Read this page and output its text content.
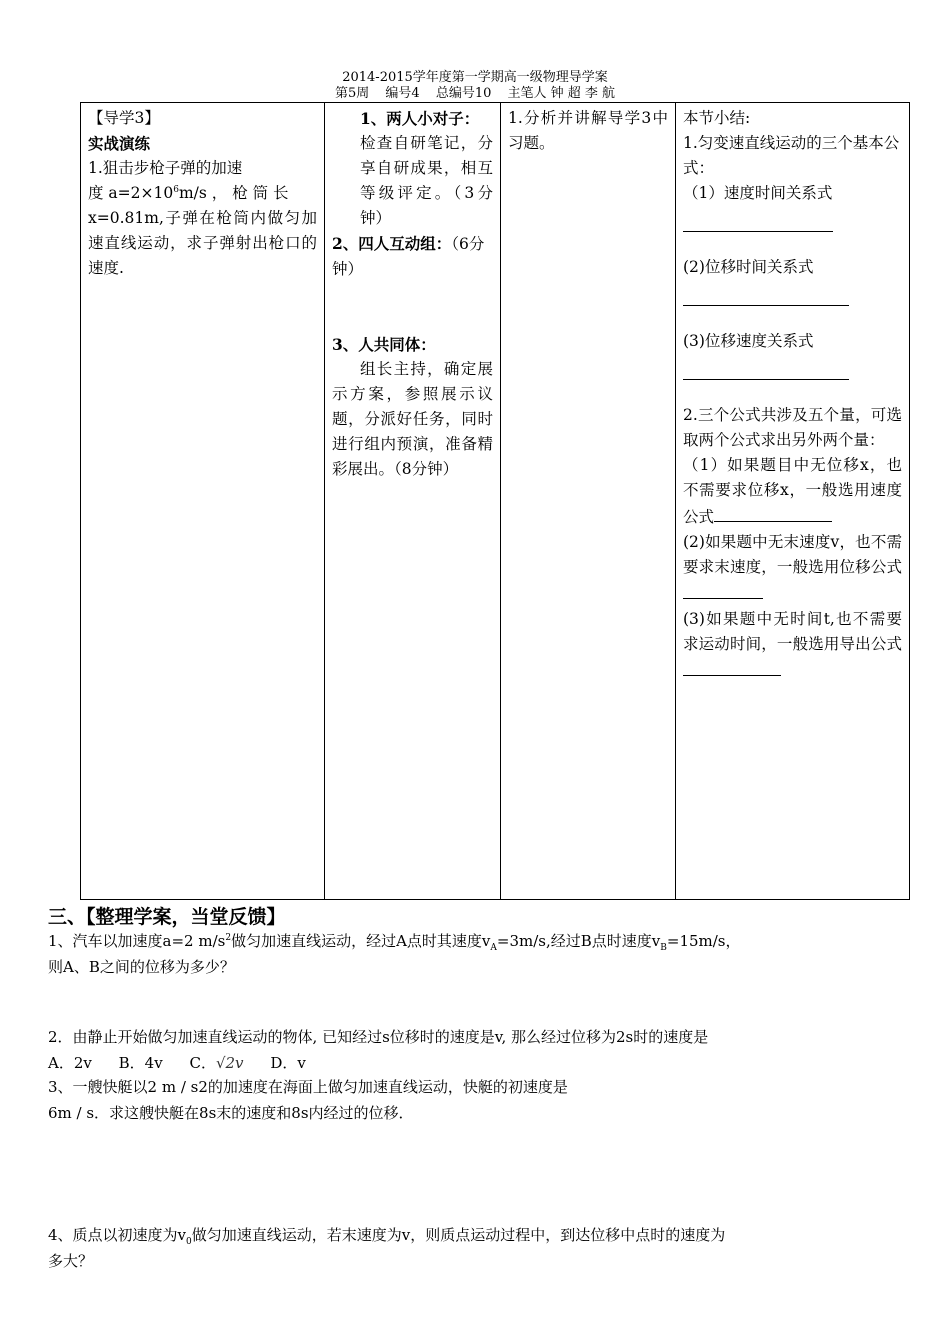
2014-2015学年度第一学期高一级物理导学案
第5周 编号4 总编号10 主笔人 钟 超 李 航
【导学3】
实战演练
1.狙击步枪子弹的加速
度 $a=2\times 10^6m/s$ ， 枪 筒 长
x=0.81m,子弹在枪筒内做匀加速直线运动，求子弹射出枪口的速度.

1、两人小对子：
检查自研笔记，分享自研成果，相互等级评定。（3分钟）
2、四人互动组：（6分钟）
3、人共同体：
组长主持，确定展示方案，参照展示议题，分派好任务，同时进行组内预演，准备精彩展出。（8分钟）

1.分析并讲解导学3中习题。

本节小结:
1.匀变速直线运动的三个基本公式：
（1）速度时间关系式
(2)位移时间关系式
(3)位移速度关系式
2.三个公式共涉及五个量，可选取两个公式求出另外两个量：
（1）如果题目中无位移x，也不需要求位移x，一般选用速度公式
(2)如果题中无末速度v，也不需要求末速度，一般选用位移公式
(3)如果题中无时间t,也不需要求运动时间，一般选用导出公式
三、【整理学案，当堂反馈】
1、汽车以加速度a=2 $m/s^2$做匀加速直线运动，经过A点时其速度$v_A=3m/s$,经过B点时速度$v_B=15m/s$，
则A、B之间的位移为多少？
2．由静止开始做匀加速直线运动的物体, 已知经过s位移时的速度是v, 那么经过位移为2s时的速度是
A．2v B．4v C．√2v D．v
3、一艘快艇以2 m / s2的加速度在海面上做匀加速直线运动，快艇的初速度是
6m / s．求这艘快艇在8s末的速度和8s内经过的位移．
4、质点以初速度为$v_0$做匀加速直线运动，若末速度为v，则质点运动过程中，到达位移中点时的速度为
多大？
